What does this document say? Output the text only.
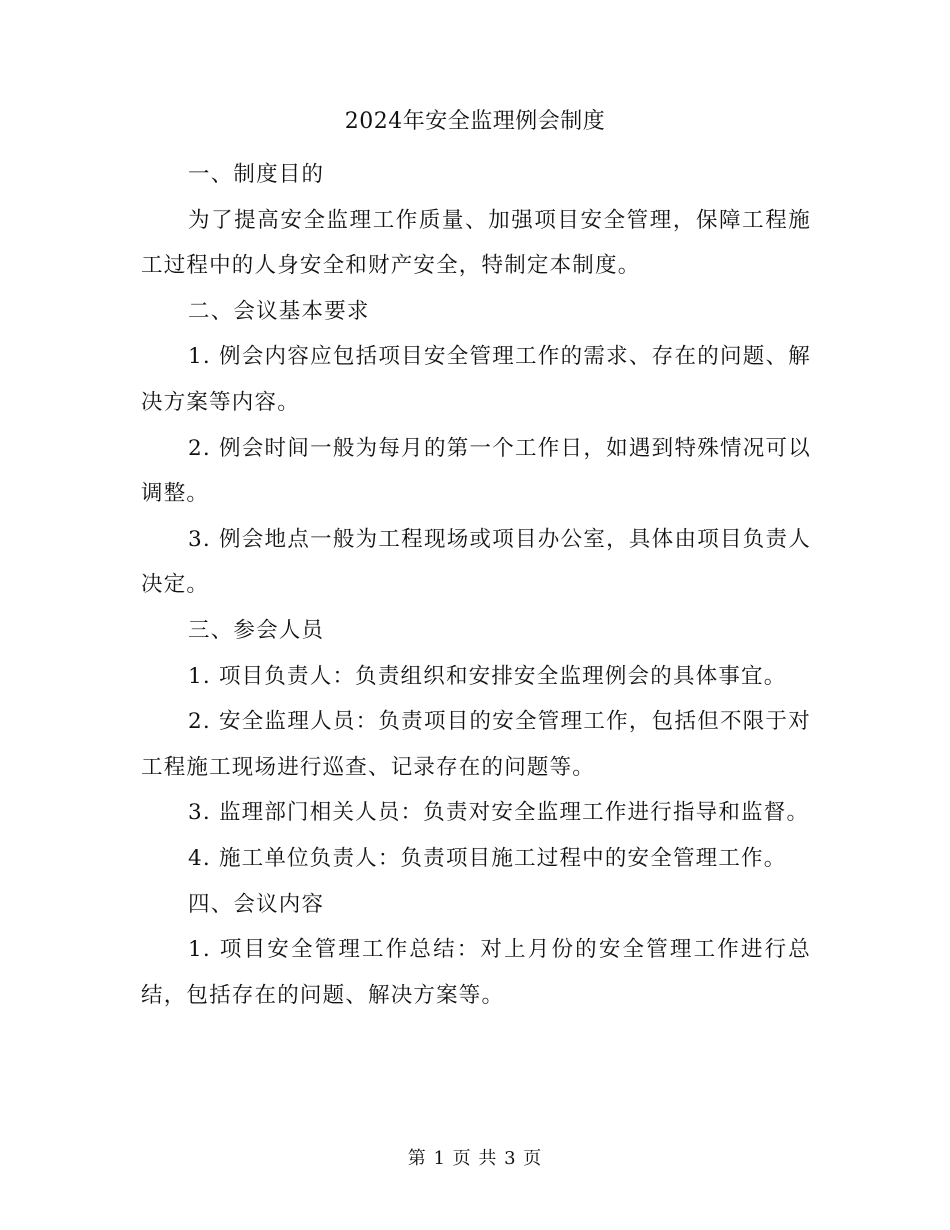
2024年安全监理例会制度

一、制度目的

为了提高安全监理工作质量、加强项目安全管理，保障工程施工过程中的人身安全和财产安全，特制定本制度。

二、会议基本要求

1. 例会内容应包括项目安全管理工作的需求、存在的问题、解决方案等内容。

2. 例会时间一般为每月的第一个工作日，如遇到特殊情况可以调整。

3. 例会地点一般为工程现场或项目办公室，具体由项目负责人决定。

三、参会人员

1. 项目负责人：负责组织和安排安全监理例会的具体事宜。

2. 安全监理人员：负责项目的安全管理工作，包括但不限于对工程施工现场进行巡查、记录存在的问题等。

3. 监理部门相关人员：负责对安全监理工作进行指导和监督。

4. 施工单位负责人：负责项目施工过程中的安全管理工作。

四、会议内容

1. 项目安全管理工作总结：对上月份的安全管理工作进行总结，包括存在的问题、解决方案等。

第 1 页 共 3 页
